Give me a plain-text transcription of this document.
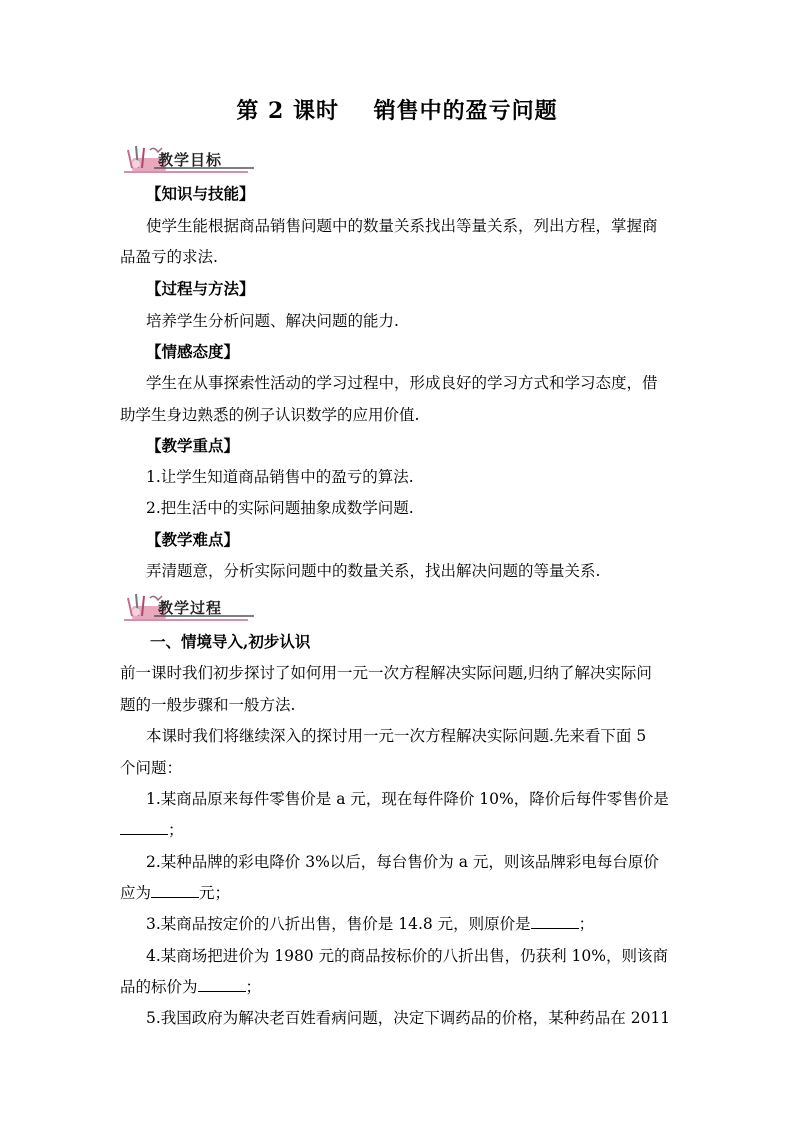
第 2 课时    销售中的盈亏问题
教学目标
【知识与技能】
使学生能根据商品销售问题中的数量关系找出等量关系，列出方程，掌握商
品盈亏的求法.
【过程与方法】
培养学生分析问题、解决问题的能力.
【情感态度】
学生在从事探索性活动的学习过程中，形成良好的学习方式和学习态度，借
助学生身边熟悉的例子认识数学的应用价值.
【教学重点】
1.让学生知道商品销售中的盈亏的算法.
2.把生活中的实际问题抽象成数学问题.
【教学难点】
弄清题意，分析实际问题中的数量关系，找出解决问题的等量关系.
教学过程
一、情境导入,初步认识
前一课时我们初步探讨了如何用一元一次方程解决实际问题,归纳了解决实际问
题的一般步骤和一般方法.
本课时我们将继续深入的探讨用一元一次方程解决实际问题.先来看下面 5
个问题：
1.某商品原来每件零售价是 a 元，现在每件降价 10%，降价后每件零售价是
；
2.某种品牌的彩电降价 3%以后，每台售价为 a 元，则该品牌彩电每台原价
应为	元；
3.某商品按定价的八折出售，售价是 14.8 元，则原价是	；
4.某商场把进价为 1980 元的商品按标价的八折出售，仍获利 10%，则该商
品的标价为	；
5.我国政府为解决老百姓看病问题，决定下调药品的价格，某种药品在 2011
